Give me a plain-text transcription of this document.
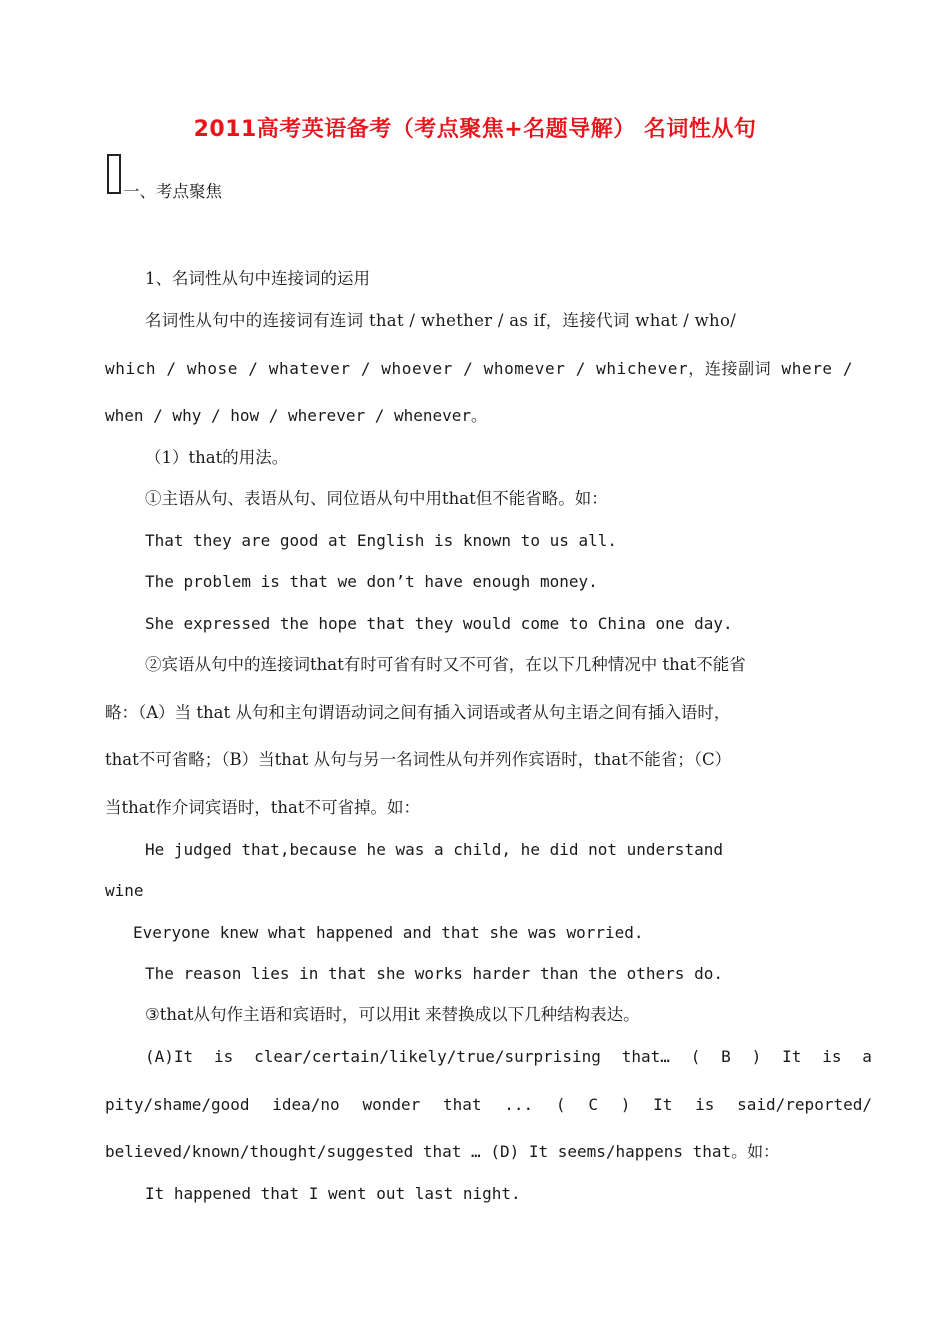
2011高考英语备考（考点聚焦+名题导解） 名词性从句
一、考点聚焦
1、名词性从句中连接词的运用
名词性从句中的连接词有连词 that / whether / as if，连接代词 what / who/
which / whose / whatever / whoever / whomever / whichever，连接副词 where /
when / why / how / wherever / whenever。
（1）that的用法。
①主语从句、表语从句、同位语从句中用that但不能省略。如：
That they are good at English is known to us all.
The problem is that we don’t have enough money.
She expressed the hope that they would come to China one day.
②宾语从句中的连接词that有时可省有时又不可省，在以下几种情况中 that不能省
略：（A）当 that 从句和主句谓语动词之间有插入词语或者从句主语之间有插入语时，
that不可省略；（B）当that 从句与另一名词性从句并列作宾语时，that不能省；（C）
当that作介词宾语时，that不可省掉。如：
He judged that,because he was a child, he did not understand
wine
Everyone knew what happened and that she was worried.
The reason lies in that she works harder than the others do.
③that从句作主语和宾语时，可以用it 来替换成以下几种结构表达。
(A)It is clear/certain/likely/true/surprising that… ( B ) It is a
pity/shame/good idea/no wonder that ... ( C ) It is said/reported/
believed/known/thought/suggested that … (D) It seems/happens that。如：
It happened that I went out last night.
